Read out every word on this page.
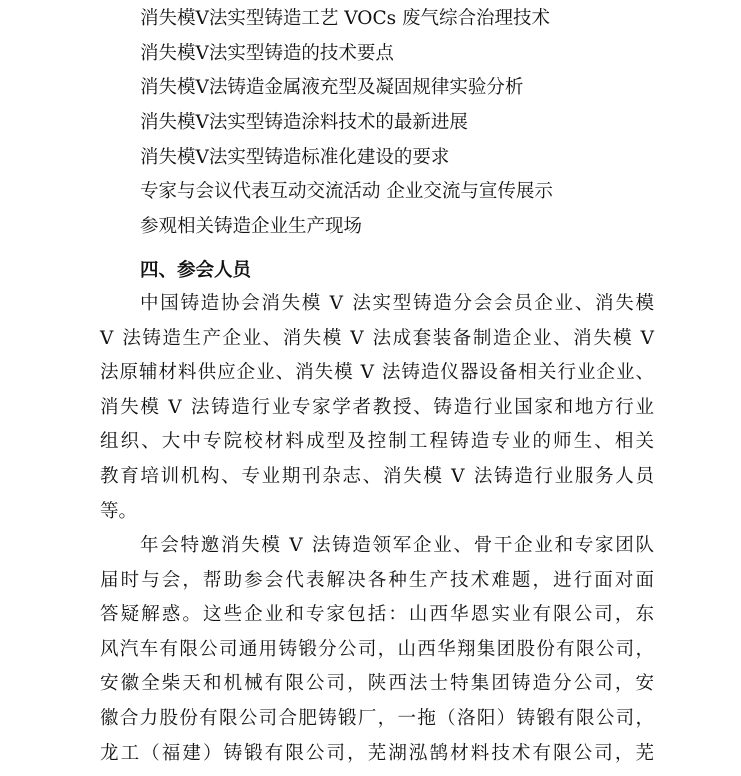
消失模Ⅴ法实型铸造工艺 VOCs 废气综合治理技术
消失模Ⅴ法实型铸造的技术要点
消失模Ⅴ法铸造金属液充型及凝固规律实验分析
消失模Ⅴ法实型铸造涂料技术的最新进展
消失模Ⅴ法实型铸造标准化建设的要求
专家与会议代表互动交流活动 企业交流与宣传展示
参观相关铸造企业生产现场
四、参会人员
中国铸造协会消失模 Ⅴ 法实型铸造分会会员企业、消失模
Ⅴ 法铸造生产企业、消失模 Ⅴ 法成套装备制造企业、消失模 Ⅴ
法原辅材料供应企业、消失模 Ⅴ 法铸造仪器设备相关行业企业、
消失模 Ⅴ 法铸造行业专家学者教授、铸造行业国家和地方行业
组织、大中专院校材料成型及控制工程铸造专业的师生、相关
教育培训机构、专业期刊杂志、消失模 Ⅴ 法铸造行业服务人员
等。
年会特邀消失模 Ⅴ 法铸造领军企业、骨干企业和专家团队
届时与会，帮助参会代表解决各种生产技术难题，进行面对面
答疑解惑。这些企业和专家包括：山西华恩实业有限公司，东
风汽车有限公司通用铸锻分公司，山西华翔集团股份有限公司，
安徽全柴天和机械有限公司，陕西法士特集团铸造分公司，安
徽合力股份有限公司合肥铸锻厂，一拖（洛阳）铸锻有限公司，
龙工（福建）铸锻有限公司，芜湖泓鹄材料技术有限公司，芜
